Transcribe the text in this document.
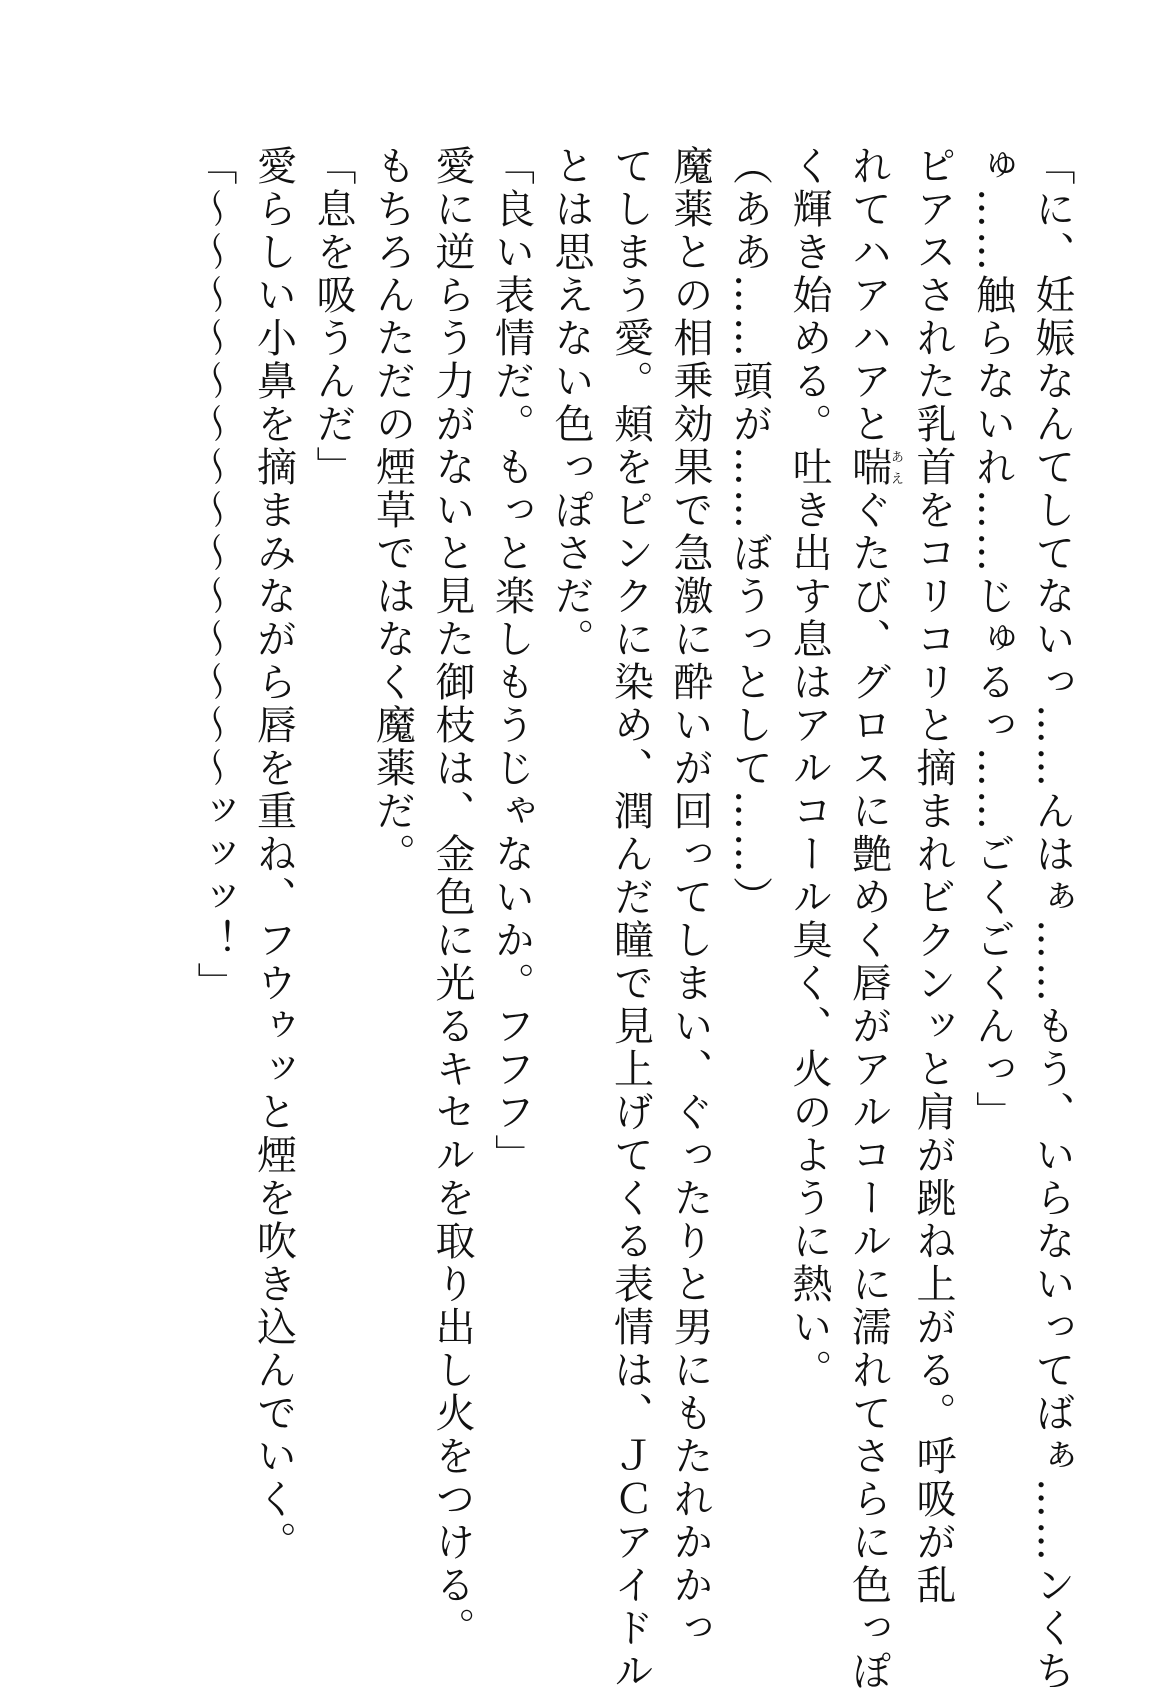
「に、妊娠なんてしてないっ……んはぁ……もう、いらないってばぁ……ンくち
ゅ……触らないれ……じゅるっ……ごくごくんっ」
ピアスされた乳首をコリコリと摘まれビクンッと肩が跳ね上がる。呼吸が乱
れてハアハアと喘あえぐたび、グロスに艶めく唇がアルコールに濡れてさらに色っぽ
く輝き始める。吐き出す息はアルコール臭く、火のように熱い。
（ああ……頭が……ぼうっとして……）
魔薬との相乗効果で急激に酔いが回ってしまい、ぐったりと男にもたれかかっ
てしまう愛。頬をピンクに染め、潤んだ瞳で見上げてくる表情は、ＪＣアイドル
とは思えない色っぽさだ。
「良い表情だ。もっと楽しもうじゃないか。フフフ」
愛に逆らう力がないと見た御枝は、金色に光るキセルを取り出し火をつける。
もちろんただの煙草ではなく魔薬だ。
「息を吸うんだ」
愛らしい小鼻を摘まみながら唇を重ね、フウゥッと煙を吹き込んでいく。
「～～～～～～～～～～～～～～ッッッ！」
